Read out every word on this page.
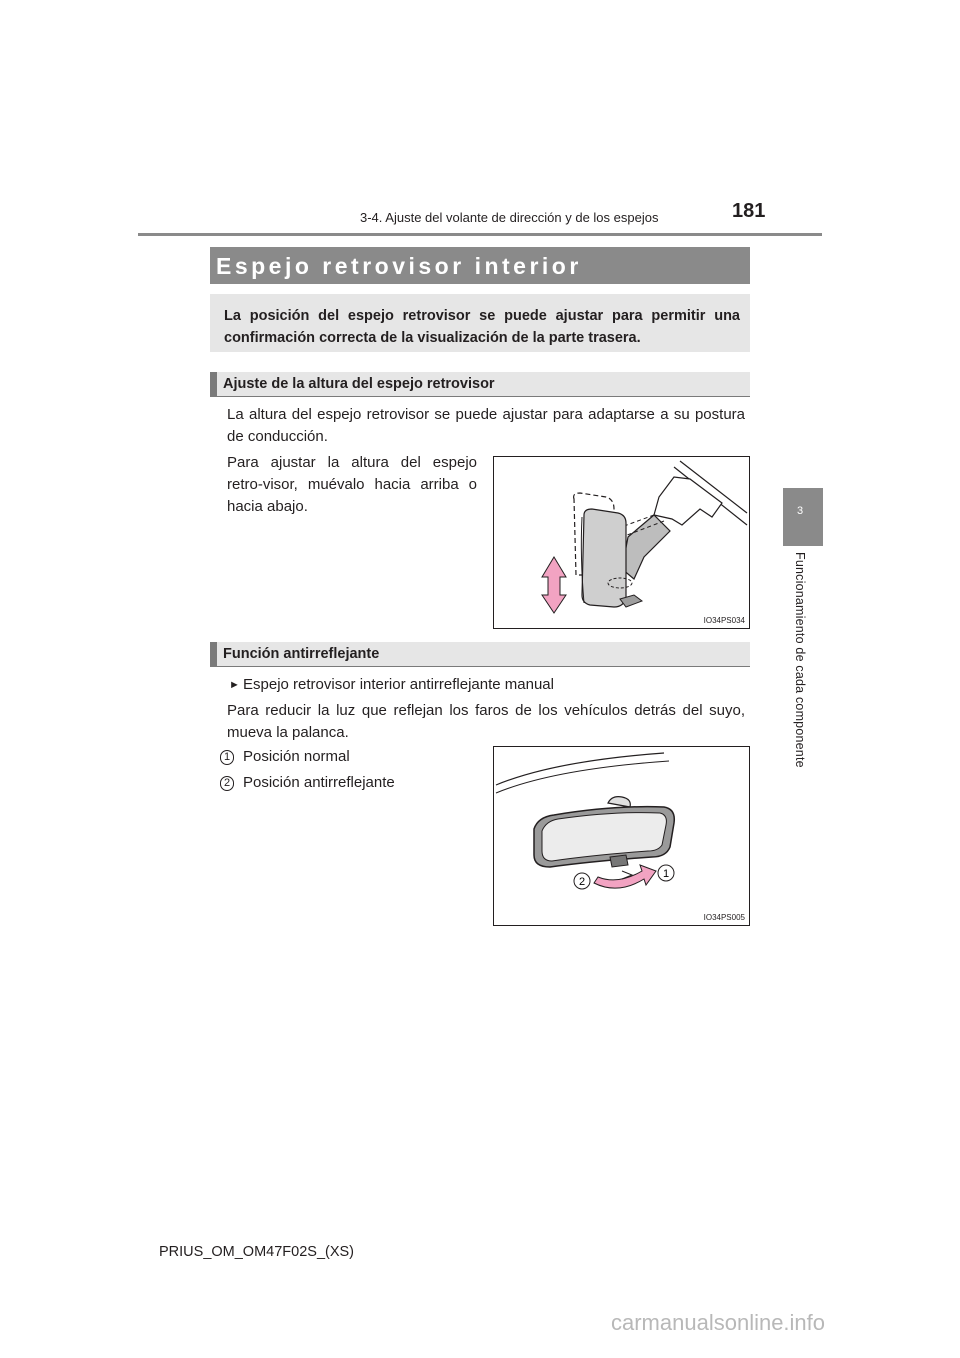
3-4. Ajuste del volante de dirección y de los espejos	181
3
Funcionamiento de cada componente
Espejo retrovisor interior
La posición del espejo retrovisor se puede ajustar para permitir una confirmación correcta de la visualización de la parte trasera.
Ajuste de la altura del espejo retrovisor
La altura del espejo retrovisor se puede ajustar para adaptarse a su postura de conducción.
Para ajustar la altura del espejo retro-visor, muévalo hacia arriba o hacia abajo.
IO34PS034
Función antirreflejante
► Espejo retrovisor interior antirreflejante manual
Para reducir la luz que reflejan los faros de los vehículos detrás del suyo, mueva la palanca.
1 Posición normal
2 Posición antirreflejante
2
1
IO34PS005
PRIUS_OM_OM47F02S_(XS)
carmanualsonline.info
